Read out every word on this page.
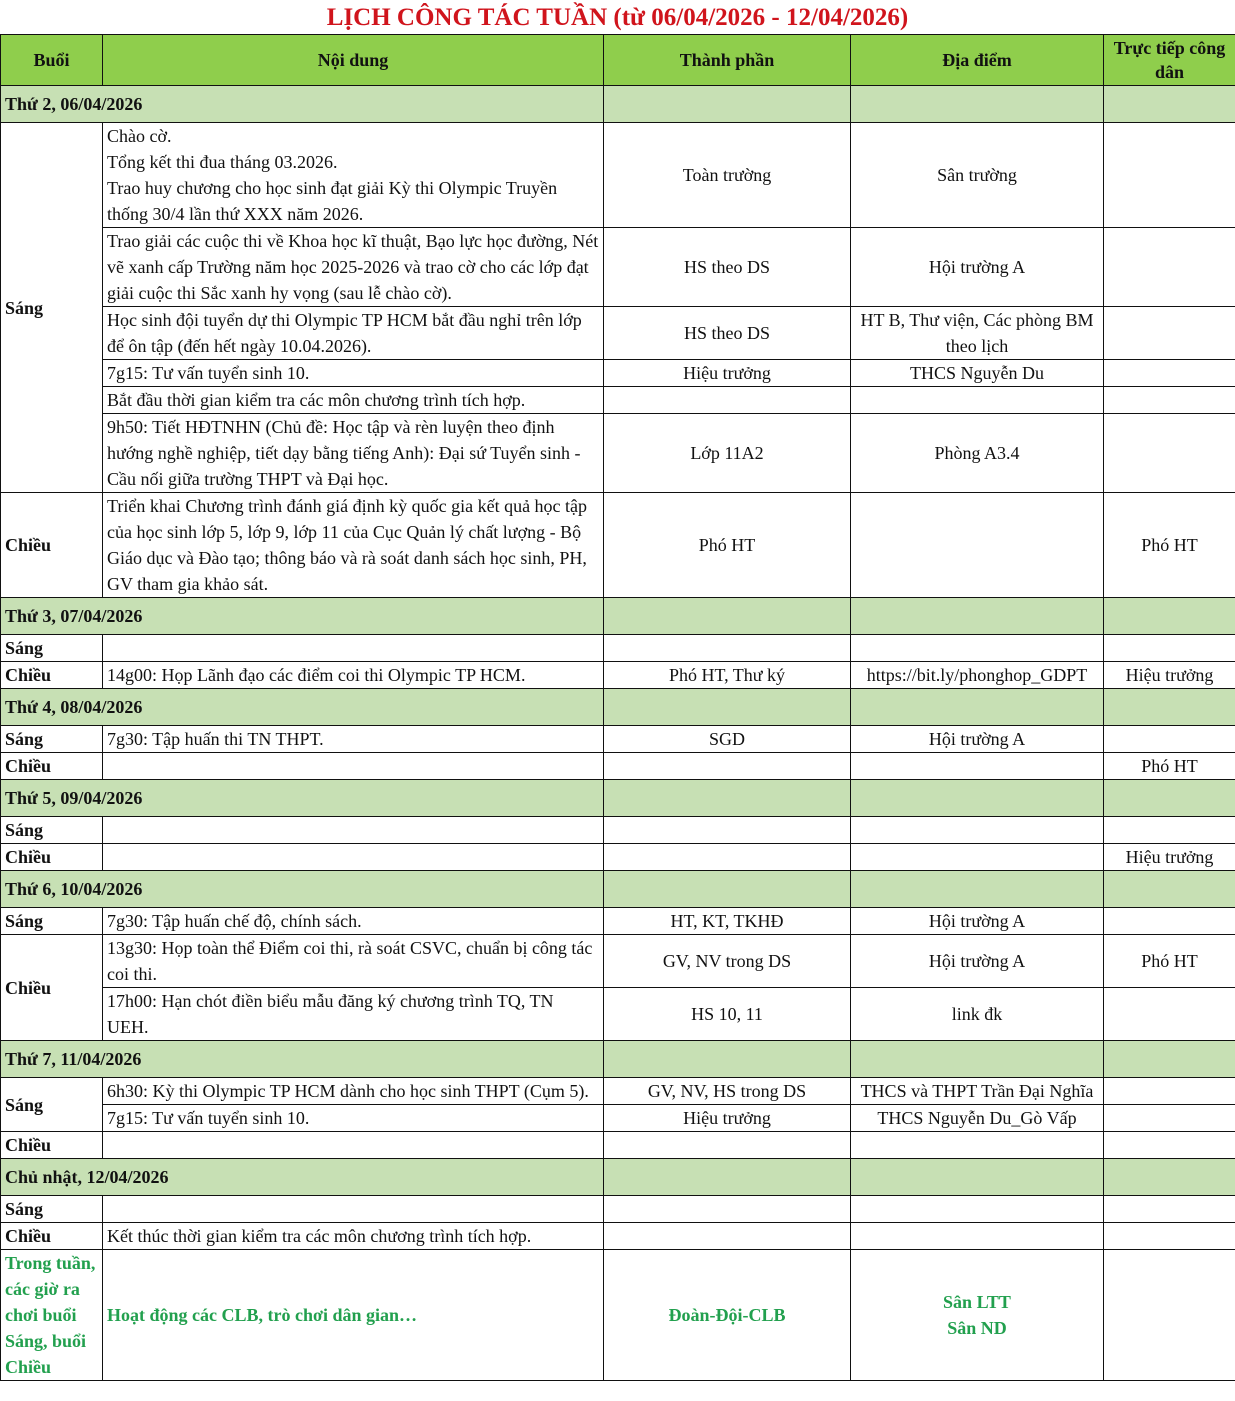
LỊCH CÔNG TÁC TUẦN (từ 06/04/2026 - 12/04/2026)
Buổi	Nội dung	Thành phần	Địa điểm	Trực tiếp công dân
Thứ 2, 06/04/2026				
Sáng	Chào cờ.
Tổng kết thi đua tháng 03.2026.
Trao huy chương cho học sinh đạt giải Kỳ thi Olympic Truyền thống 30/4 lần thứ XXX năm 2026.	Toàn trường	Sân trường	
	Trao giải các cuộc thi về Khoa học kĩ thuật, Bạo lực học đường, Nét vẽ xanh cấp Trường năm học 2025-2026 và trao cờ cho các lớp đạt giải cuộc thi Sắc xanh hy vọng (sau lễ chào cờ).	HS theo DS	Hội trường A	
	Học sinh đội tuyển dự thi Olympic TP HCM bắt đầu nghỉ trên lớp để ôn tập (đến hết ngày 10.04.2026).	HS theo DS	HT B, Thư viện, Các phòng BM theo lịch	
	7g15: Tư vấn tuyển sinh 10.	Hiệu trưởng	THCS Nguyễn Du	
	Bắt đầu thời gian kiểm tra các môn chương trình tích hợp.			
	9h50: Tiết HĐTNHN (Chủ đề: Học tập và rèn luyện theo định hướng nghề nghiệp, tiết dạy bằng tiếng Anh): Đại sứ Tuyển sinh - Cầu nối giữa trường THPT và Đại học.	Lớp 11A2	Phòng A3.4	
Chiều	Triển khai Chương trình đánh giá định kỳ quốc gia kết quả học tập của học sinh lớp 5, lớp 9, lớp 11 của Cục Quản lý chất lượng - Bộ Giáo dục và Đào tạo; thông báo và rà soát danh sách học sinh, PH, GV tham gia khảo sát.	Phó HT		Phó HT
Thứ 3, 07/04/2026				
Sáng				
Chiều	14g00: Họp Lãnh đạo các điểm coi thi Olympic TP HCM.	Phó HT, Thư ký	https://bit.ly/phonghop_GDPT	Hiệu trưởng
Thứ 4, 08/04/2026				
Sáng	7g30: Tập huấn thi TN THPT.	SGD	Hội trường A	
Chiều				Phó HT
Thứ 5, 09/04/2026				
Sáng				
Chiều				Hiệu trưởng
Thứ 6, 10/04/2026				
Sáng	7g30: Tập huấn chế độ, chính sách.	HT, KT, TKHĐ	Hội trường A	
Chiều	13g30: Họp toàn thể Điểm coi thi, rà soát CSVC, chuẩn bị công tác coi thi.	GV, NV trong DS	Hội trường A	Phó HT
	17h00: Hạn chót điền biểu mẫu đăng ký chương trình TQ, TN UEH.	HS 10, 11	link đk	
Thứ 7, 11/04/2026				
Sáng	6h30: Kỳ thi Olympic TP HCM dành cho học sinh THPT (Cụm 5).	GV, NV, HS trong DS	THCS và THPT Trần Đại Nghĩa	
	7g15: Tư vấn tuyển sinh 10.	Hiệu trưởng	THCS Nguyễn Du_Gò Vấp	
Chiều				
Chủ nhật, 12/04/2026				
Sáng				
Chiều	Kết thúc thời gian kiểm tra các môn chương trình tích hợp.			
Trong tuần, các giờ ra chơi buổi Sáng, buổi Chiều	Hoạt động các CLB, trò chơi dân gian…	Đoàn-Đội-CLB	Sân LTT
Sân ND	
